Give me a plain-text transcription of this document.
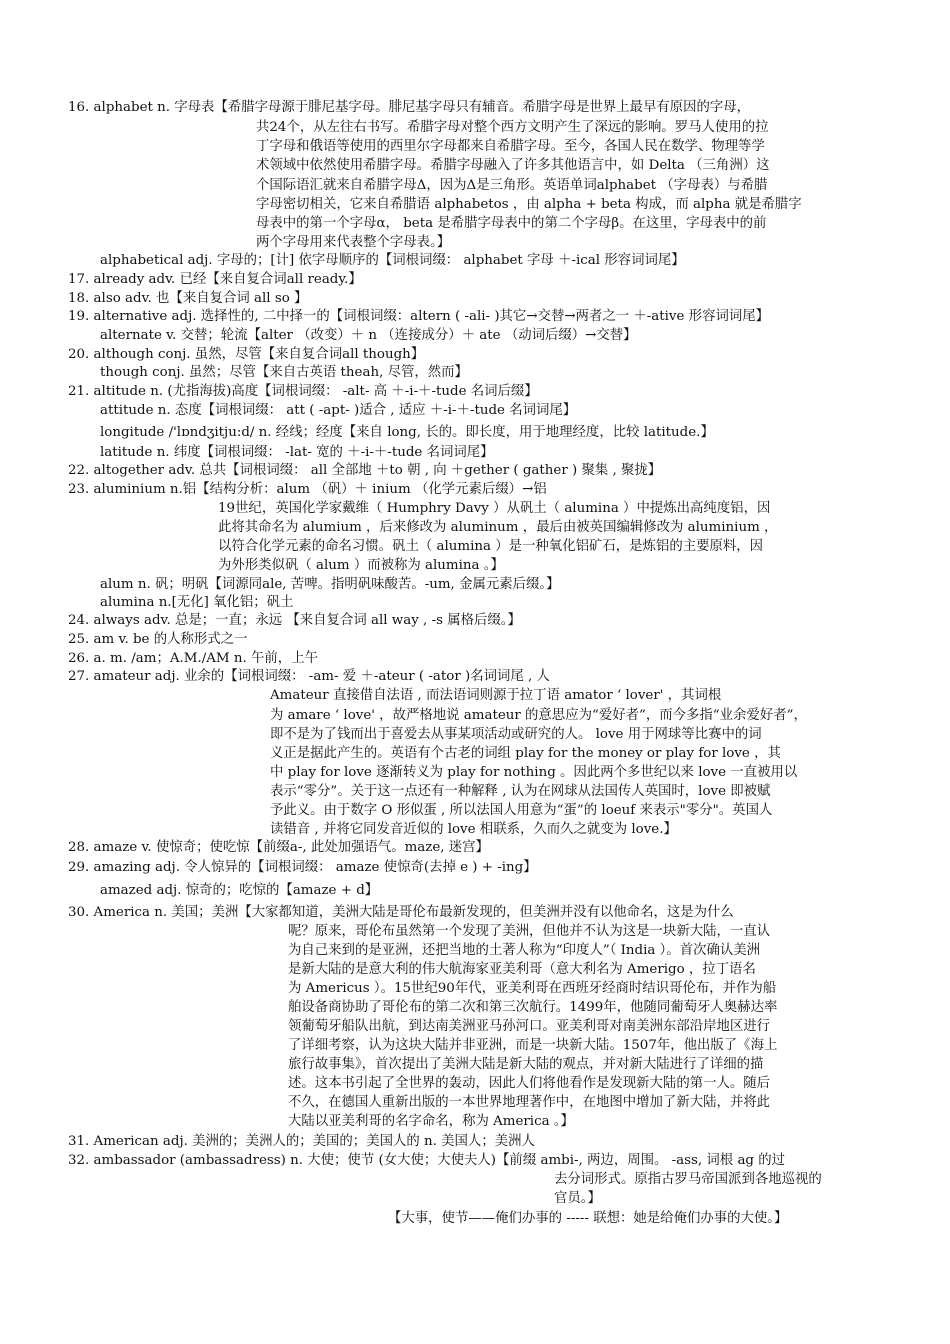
16. alphabet n. 字母表【希腊字母源于腓尼基字母。腓尼基字母只有辅音。希腊字母是世界上最早有原因的字母，
共24个，从左往右书写。希腊字母对整个西方文明产生了深远的影响。罗马人使用的拉
丁字母和俄语等使用的西里尔字母都来自希腊字母。至今，各国人民在数学、物理等学
术领域中依然使用希腊字母。希腊字母融入了许多其他语言中，如 Delta （三角洲）这
个国际语汇就来自希腊字母Δ，因为Δ是三角形。英语单词alphabet （字母表）与希腊
字母密切相关，它来自希腊语 alphabetos ，由 alpha + beta 构成，而 alpha 就是希腊字
母表中的第一个字母α， beta 是希腊字母表中的第二个字母β。在这里，字母表中的前
两个字母用来代表整个字母表。】
alphabetical adj. 字母的；[计] 依字母顺序的【词根词缀： alphabet 字母 ＋-ical 形容词词尾】
17. already adv. 已经【来自复合词all ready.】
18. also adv. 也【来自复合词 all so 】
19. alternative adj. 选择性的, 二中择一的【词根词缀：altern ( -ali- )其它→交替→两者之一 ＋-ative 形容词词尾】
alternate v. 交替；轮流【alter （改变）＋ n （连接成分）＋ ate （动词后缀）→交替】
20. although conj. 虽然，尽管【来自复合词all though】
though conj. 虽然；尽管【来自古英语 theah, 尽管，然而】
21. altitude n. (尤指海拔)高度【词根词缀： -alt- 高 ＋-i-＋-tude 名词后缀】
attitude n. 态度【词根词缀： att ( -apt- )适合 , 适应 ＋-i-＋-tude 名词词尾】
longitude /'lɒndʒitju:d/ n. 经线；经度【来自 long, 长的。即长度，用于地理经度，比较 latitude.】
latitude n. 纬度【词根词缀： -lat- 宽的 ＋-i-＋-tude 名词词尾】
22. altogether adv. 总共【词根词缀： all 全部地 ＋to 朝 , 向 ＋gether ( gather ) 聚集 , 聚拢】
23. aluminium n.铝【结构分析：alum （矾）＋ inium （化学元素后缀）→铝
19世纪，英国化学家戴维（ Humphry Davy ）从矾土（ alumina ）中提炼出高纯度铝，因
此将其命名为 alumium ，后来修改为 aluminum ，最后由被英国编辑修改为 aluminium ，
以符合化学元素的命名习惯。矾土（ alumina ）是一种氧化铝矿石，是炼铝的主要原料，因
为外形类似矾（ alum ）而被称为 alumina 。】
alum n. 矾；明矾【词源同ale, 苦啤。指明矾味酸苦。-um, 金属元素后缀。】
alumina n.[无化] 氧化铝；矾土
24. always adv. 总是；一直；永远 【来自复合词 all way , -s 属格后缀。】
25. am v. be 的人称形式之一
26. a. m. /am；A.M./AM n. 午前，上午
27. amateur adj. 业余的【词根词缀： -am- 爱 ＋-ateur ( -ator )名词词尾 , 人
Amateur 直接借自法语 , 而法语词则源于拉丁语 amator ‘ lover' ，其词根
为 amare ‘ love' ，故严格地说 amateur 的意思应为“爱好者”，而今多指“业余爱好者”，
即不是为了钱而出于喜爱去从事某项活动或研究的人。 love 用于网球等比赛中的词
义正是据此产生的。英语有个古老的词组 play for the money or play for love ，其
中 play for love 逐渐转义为 play for nothing 。因此两个多世纪以来 love 一直被用以
表示“零分”。关于这一点还有一种解释 , 认为在网球从法国传人英国时，love 即被赋
予此义。由于数字 O 形似蛋 , 所以法国人用意为“蛋”的 loeuf 来表示"零分"。英国人
读错音 , 并将它同发音近似的 love 相联系，久而久之就变为 love.】
28. amaze v. 使惊奇；使吃惊【前缀a-, 此处加强语气。maze, 迷宫】
29. amazing adj. 令人惊异的【词根词缀： amaze 使惊奇(去掉 e ) + -ing】
amazed adj. 惊奇的；吃惊的【amaze + d】
30. America n. 美国；美洲【大家都知道，美洲大陆是哥伦布最新发现的，但美洲并没有以他命名，这是为什么
呢？原来，哥伦布虽然第一个发现了美洲，但他并不认为这是一块新大陆，一直认
为自己来到的是亚洲，还把当地的土著人称为“印度人”（ India ）。首次确认美洲
是新大陆的是意大利的伟大航海家亚美利哥（意大利名为 Amerigo ，拉丁语名
为 Americus ）。15世纪90年代，亚美利哥在西班牙经商时结识哥伦布，并作为船
舶设备商协助了哥伦布的第二次和第三次航行。1499年，他随同葡萄牙人奥赫达率
领葡萄牙船队出航，到达南美洲亚马孙河口。亚美利哥对南美洲东部沿岸地区进行
了详细考察，认为这块大陆并非亚洲，而是一块新大陆。1507年，他出版了《海上
旅行故事集》，首次提出了美洲大陆是新大陆的观点，并对新大陆进行了详细的描
述。这本书引起了全世界的轰动，因此人们将他看作是发现新大陆的第一人。随后
不久，在德国人重新出版的一本世界地理著作中，在地图中增加了新大陆，并将此
大陆以亚美利哥的名字命名，称为 America 。】
31. American adj. 美洲的；美洲人的；美国的；美国人的 n. 美国人；美洲人
32. ambassador (ambassadress) n. 大使；使节 (女大使；大使夫人)【前缀 ambi-, 两边，周围。 -ass, 词根 ag 的过
去分词形式。原指古罗马帝国派到各地巡视的
官员。】
【大事，使节——俺们办事的 ----- 联想：她是给俺们办事的大使。】
